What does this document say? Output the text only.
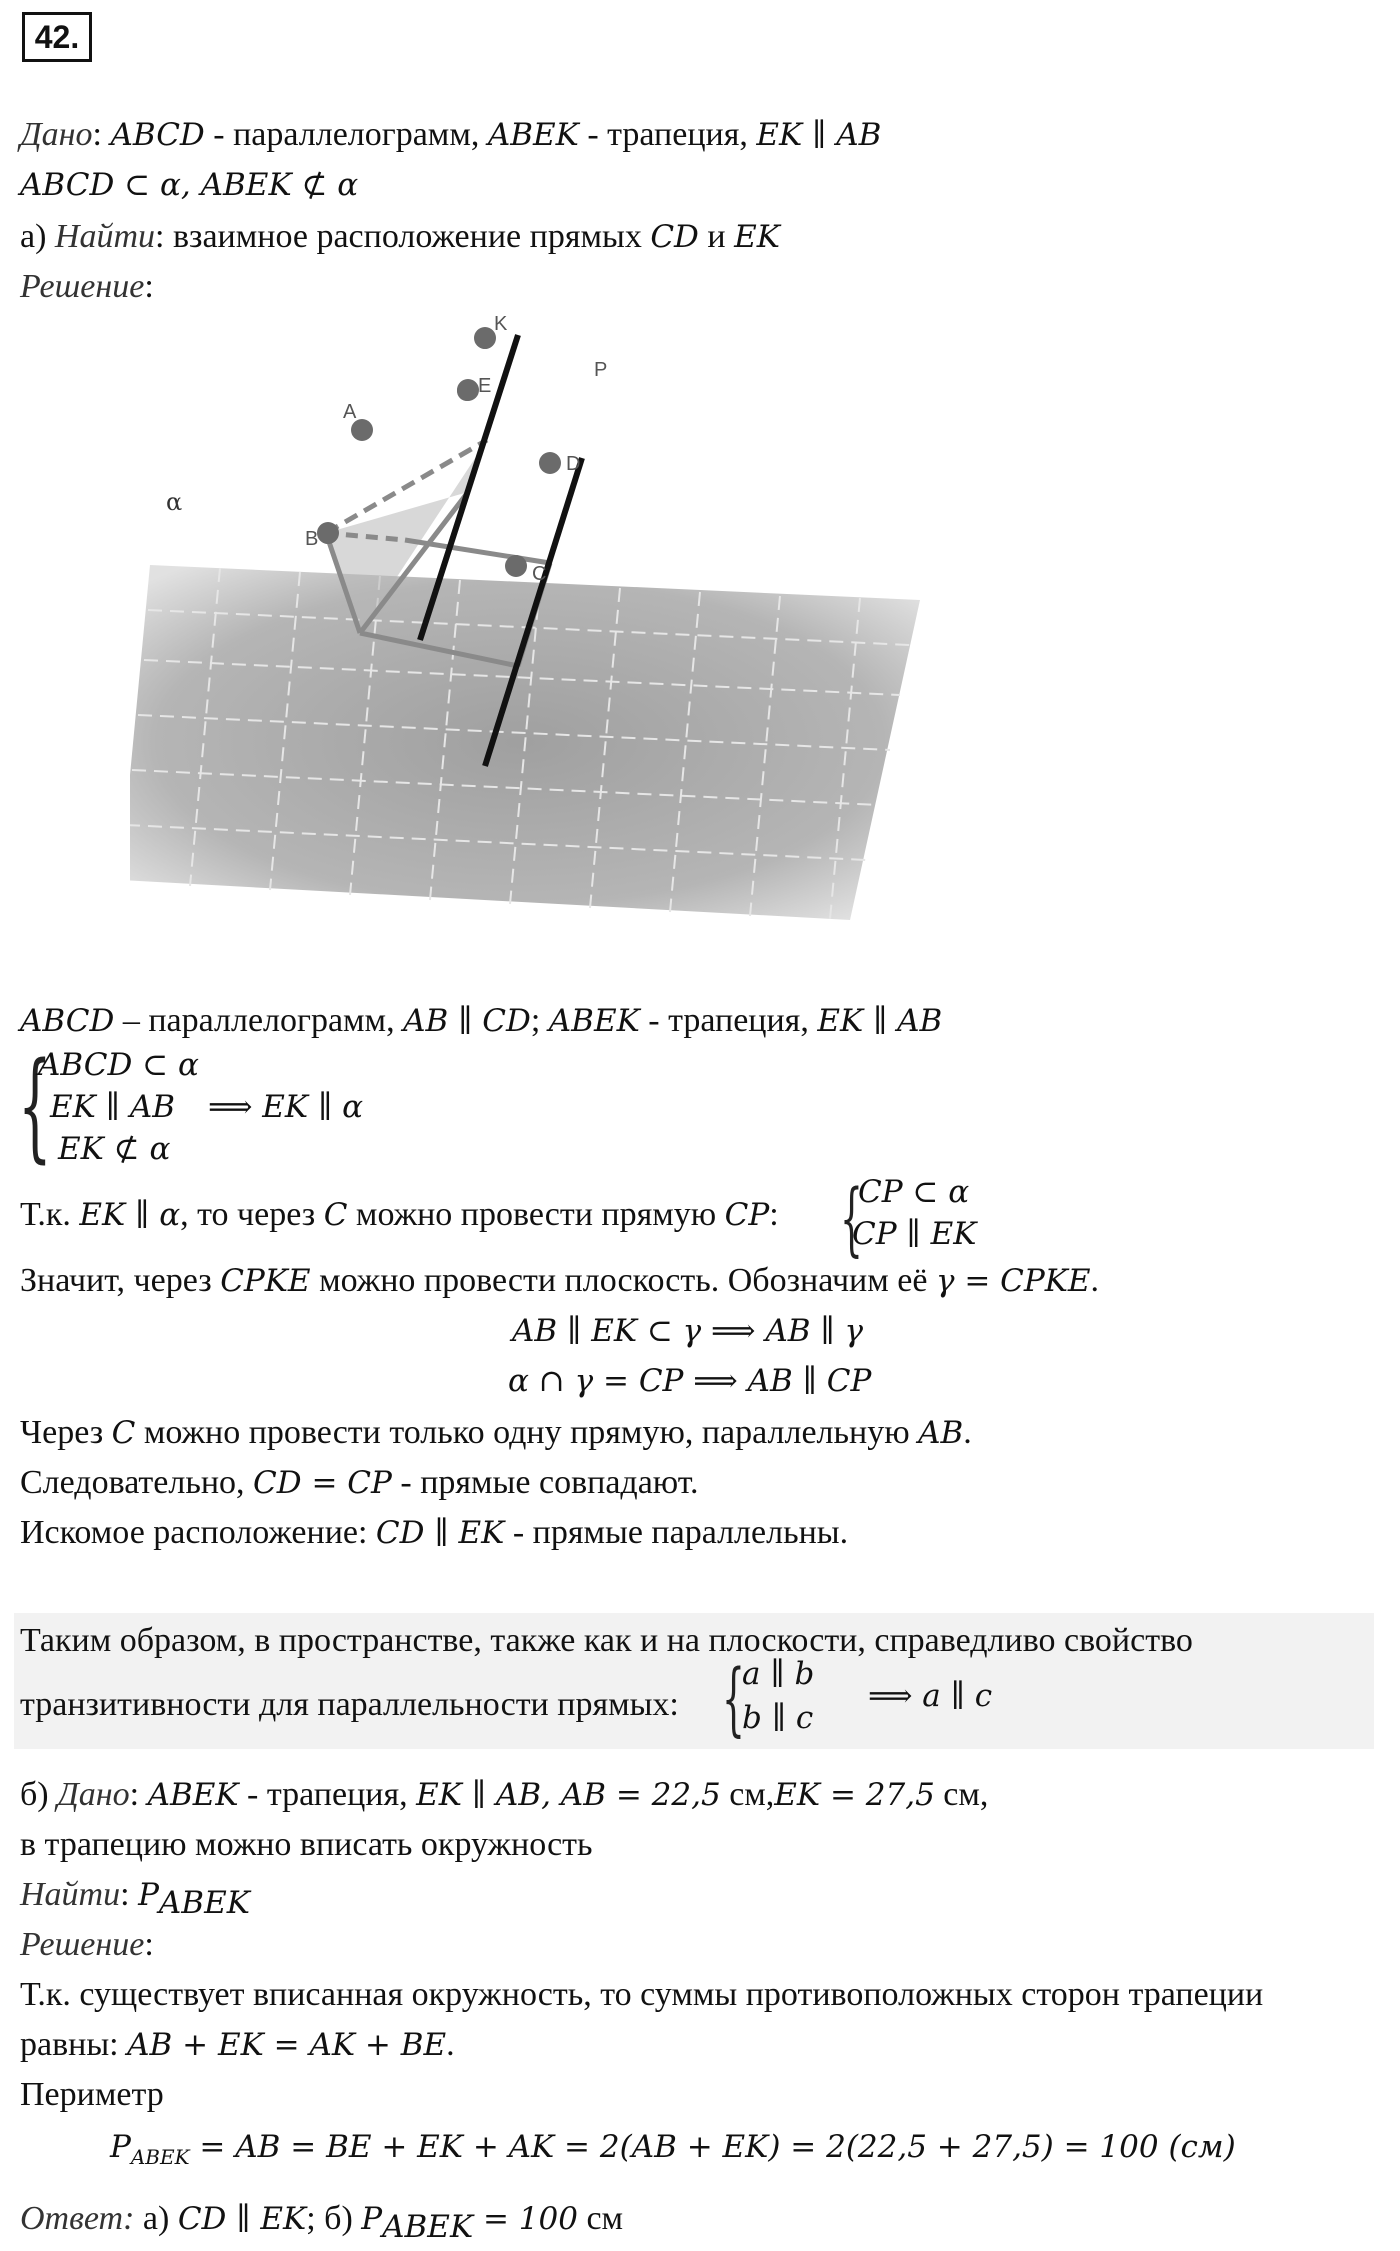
42.
Дано: ABCD - параллелограмм, ABEK - трапеция, EK ∥ AB
ABCD ⊂ α, ABEK ⊄ α
а) Найти: взаимное расположение прямых CD и EK
Решение:
α
A
B
C
D
E
K
P
ABCD – параллелограмм, AB ∥ CD; ABEK - трапеция, EK ∥ AB
{
ABCD ⊂ α
EK ∥ AB
EK ⊄ α
⟹ EK ∥ α
Т.к. EK ∥ α, то через C можно провести прямую CP: {
CP ⊂ α
CP ∥ EK
Значит, через CPKE можно провести плоскость. Обозначим её γ = CPKE.
AB ∥ EK ⊂ γ ⟹ AB ∥ γ
α ∩ γ = CP ⟹ AB ∥ CP
Через C можно провести только одну прямую, параллельную AB.
Следовательно, CD = CP - прямые совпадают.
Искомое расположение: CD ∥ EK - прямые параллельны.
Таким образом, в пространстве, также как и на плоскости, справедливо свойство
транзитивности для параллельности прямых: {
a ∥ b
b ∥ c
⟹ a ∥ c
б) Дано: ABEK - трапеция, EK ∥ AB, AB = 22,5 см,EK = 27,5 см,
в трапецию можно вписать окружность
Найти: $P_{ABEK}$
Решение:
Т.к. существует вписанная окружность, то суммы противоположных сторон трапеции
равны: AB + EK = AK + BE.
Периметр
$P_{ABEK}$ = AB = BE + EK + AK = 2(AB + EK) = 2(22,5 + 27,5) = 100 (см)
Ответ: а) CD ∥ EK; б) $P_{ABEK} = 100$ см
